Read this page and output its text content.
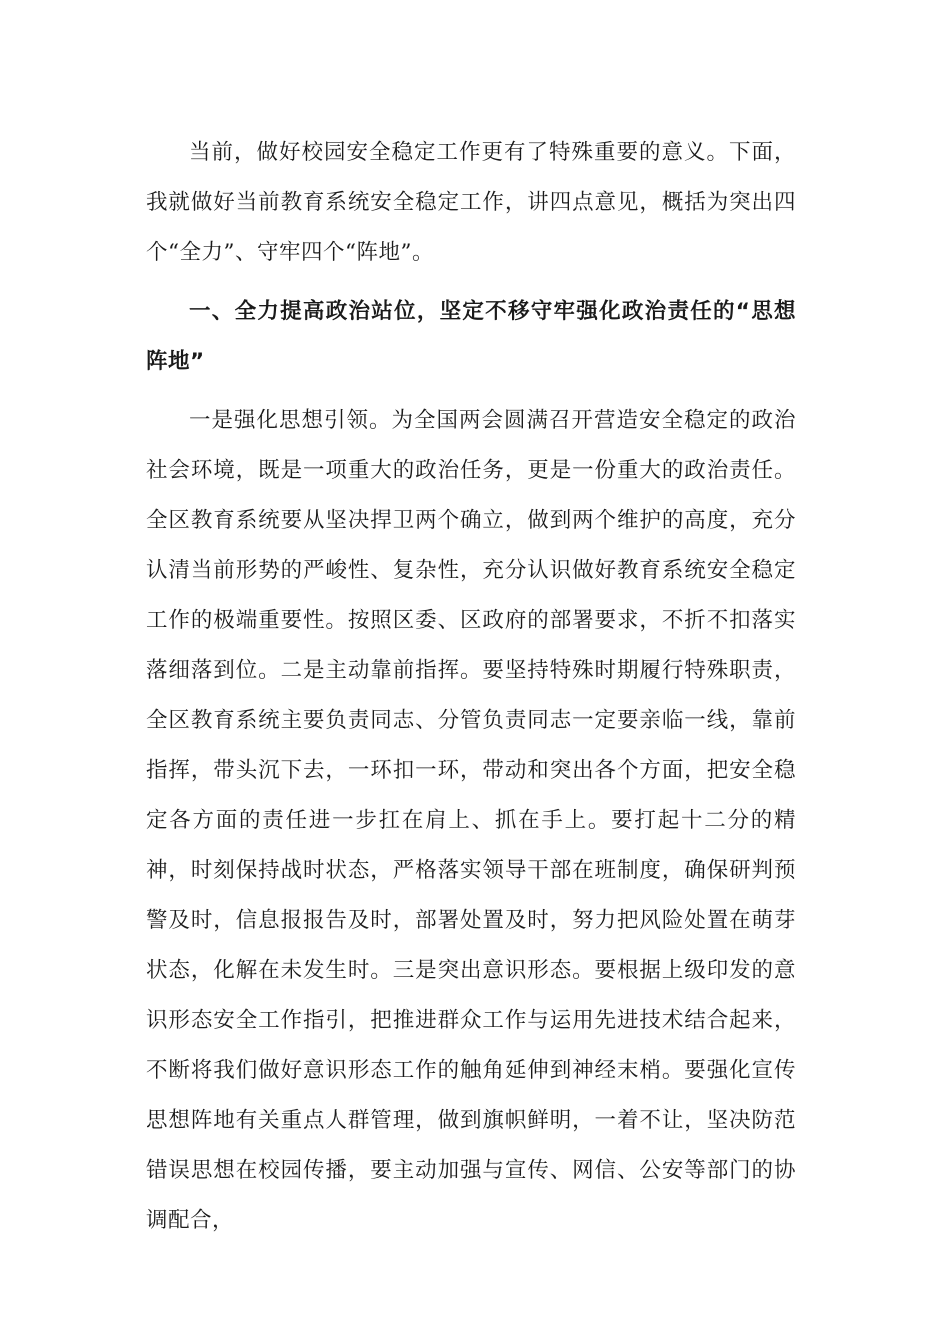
当前，做好校园安全稳定工作更有了特殊重要的意义。下面，我就做好当前教育系统安全稳定工作，讲四点意见，概括为突出四个“全力”、守牢四个“阵地”。

一、全力提高政治站位，坚定不移守牢强化政治责任的“思想阵地”

一是强化思想引领。为全国两会圆满召开营造安全稳定的政治社会环境，既是一项重大的政治任务，更是一份重大的政治责任。全区教育系统要从坚决捍卫两个确立，做到两个维护的高度，充分认清当前形势的严峻性、复杂性，充分认识做好教育系统安全稳定工作的极端重要性。按照区委、区政府的部署要求，不折不扣落实落细落到位。二是主动靠前指挥。要坚持特殊时期履行特殊职责，全区教育系统主要负责同志、分管负责同志一定要亲临一线，靠前指挥，带头沉下去，一环扣一环，带动和突出各个方面，把安全稳定各方面的责任进一步扛在肩上、抓在手上。要打起十二分的精神，时刻保持战时状态，严格落实领导干部在班制度，确保研判预警及时，信息报报告及时，部署处置及时，努力把风险处置在萌芽状态，化解在未发生时。三是突出意识形态。要根据上级印发的意识形态安全工作指引，把推进群众工作与运用先进技术结合起来，不断将我们做好意识形态工作的触角延伸到神经末梢。要强化宣传思想阵地有关重点人群管理，做到旗帜鲜明，一着不让，坚决防范错误思想在校园传播，要主动加强与宣传、网信、公安等部门的协调配合，
